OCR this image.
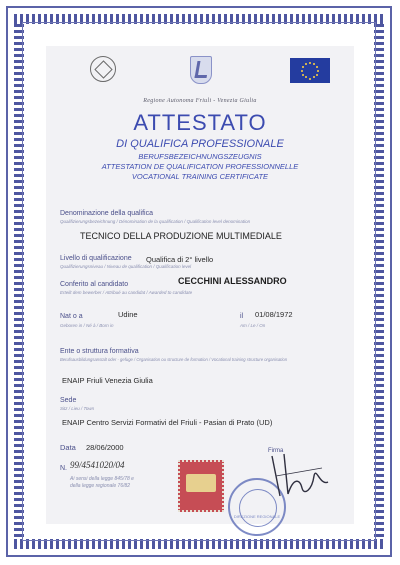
Regione Autonoma Friuli - Venezia Giulia
ATTESTATO
DI QUALIFICA PROFESSIONALE
BERUFSBEZEICHNUNGSZEUGNIS
ATTESTATION DE QUALIFICATION PROFESSIONNELLE
VOCATIONAL TRAINING CERTIFICATE
Denominazione della qualifica
Qualifizierungsbezeichnung / Dénomination de la qualification / Qualification level denomination
TECNICO DELLA PRODUZIONE MULTIMEDIALE
Livello di qualificazione Qualifica di 2° livello
Qualifizierungsniveau / Niveau de qualification / Qualification level
Conferito al candidato	CECCHINI ALESSANDRO
Erteilt dem bewerber / Attribué au candidat / Awarded to candidate
Nat o a	Udine	il 01/08/1972
Geboren in / Né à / Born in	Am / Le / On
Ente o struttura formativa
Berufsausbildungsanstalt oder - gefuge / Organisation ou structure de formation / Vocational training structure organisation
ENAIP Friuli Venezia Giulia
Sede
Sitz / Lieu / Town
ENAIP Centro Servizi Formativi del Friuli - Pasian di Prato (UD)
Data 28/06/2000
N. 99/4541020/04
Ai sensi della legge 845/78 e
della legge regionale 76/82
DIREZIONE REGIONALE
Firma
